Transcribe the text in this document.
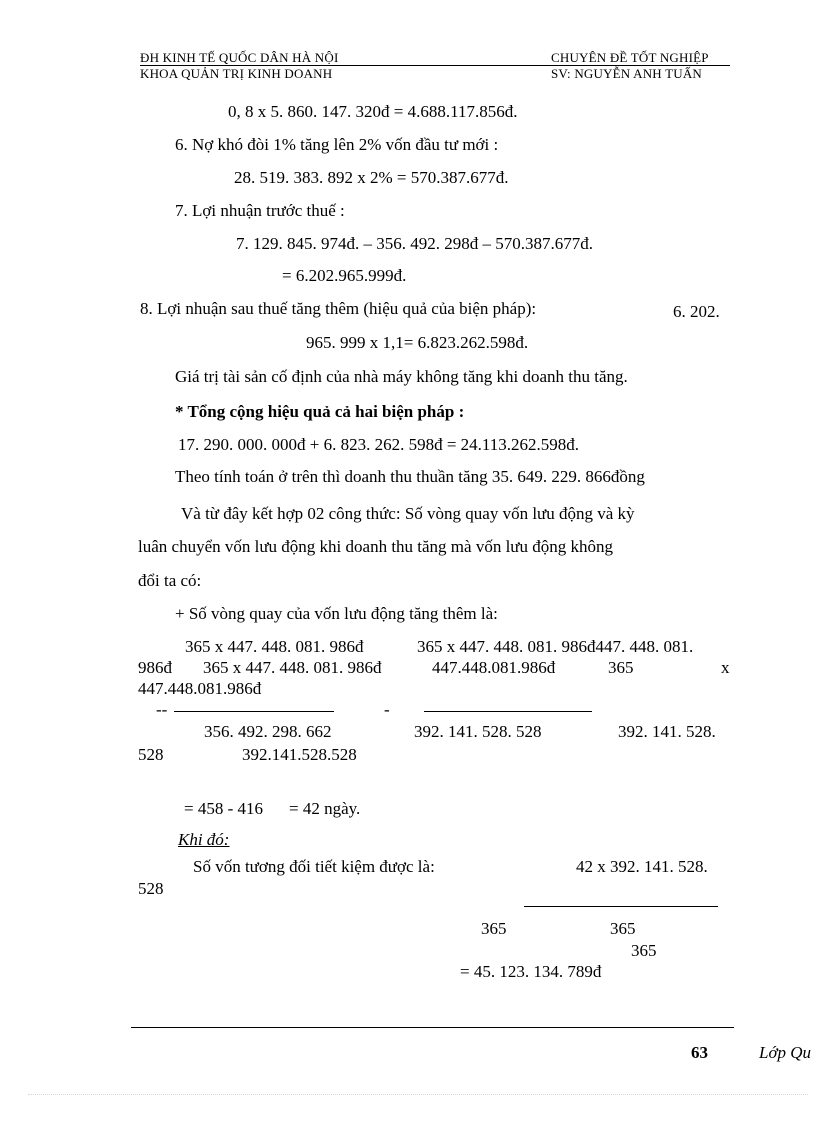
ĐH KINH TẾ QUỐC DÂN HÀ NỘI	CHUYÊN ĐỀ TỐT NGHIỆP
KHOA QUẢN TRỊ KINH DOANH	SV: NGUYỄN ANH TUẤN
0, 8 x 5. 860. 147. 320đ = 4.688.117.856đ.
6. Nợ khó đòi 1% tăng lên 2% vốn đầu tư mới :
28. 519. 383. 892 x 2% = 570.387.677đ.
7. Lợi nhuận trước thuế :
7. 129. 845. 974đ. – 356. 492. 298đ – 570.387.677đ.
= 6.202.965.999đ.
8. Lợi nhuận sau thuế tăng thêm (hiệu quả của biện pháp):	6. 202.
965. 999 x 1,1= 6.823.262.598đ.
Giá trị tài sản cố định của nhà máy không tăng khi doanh thu tăng.
* Tổng cộng hiệu quả cả hai biện pháp :
17. 290. 000. 000đ + 6. 823. 262. 598đ = 24.113.262.598đ.
Theo tính toán ở trên thì doanh thu thuần tăng 35. 649. 229. 866đồng
Và từ đây kết hợp 02 công thức: Số vòng quay vốn lưu động và kỳ
luân chuyển vốn lưu động khi doanh thu tăng mà vốn lưu động không
đổi ta có:
+ Số vòng quay của vốn lưu động tăng thêm là:
365 x 447. 448. 081. 986đ	365 x 447. 448. 081. 986đ447. 448. 081.
986đ 365 x 447. 448. 081. 986đ	447.448.081.986đ	365	x
447.448.081.986đ
--	-
356. 492. 298. 662	392. 141. 528. 528	392. 141. 528.
528	392.141.528.528
= 458 - 416 = 42 ngày.
Khi đó:
Số vốn tương đối tiết kiệm được là:	42 x 392. 141. 528.
528
365	365
365
= 45. 123. 134. 789đ
63	Lớp Qu
